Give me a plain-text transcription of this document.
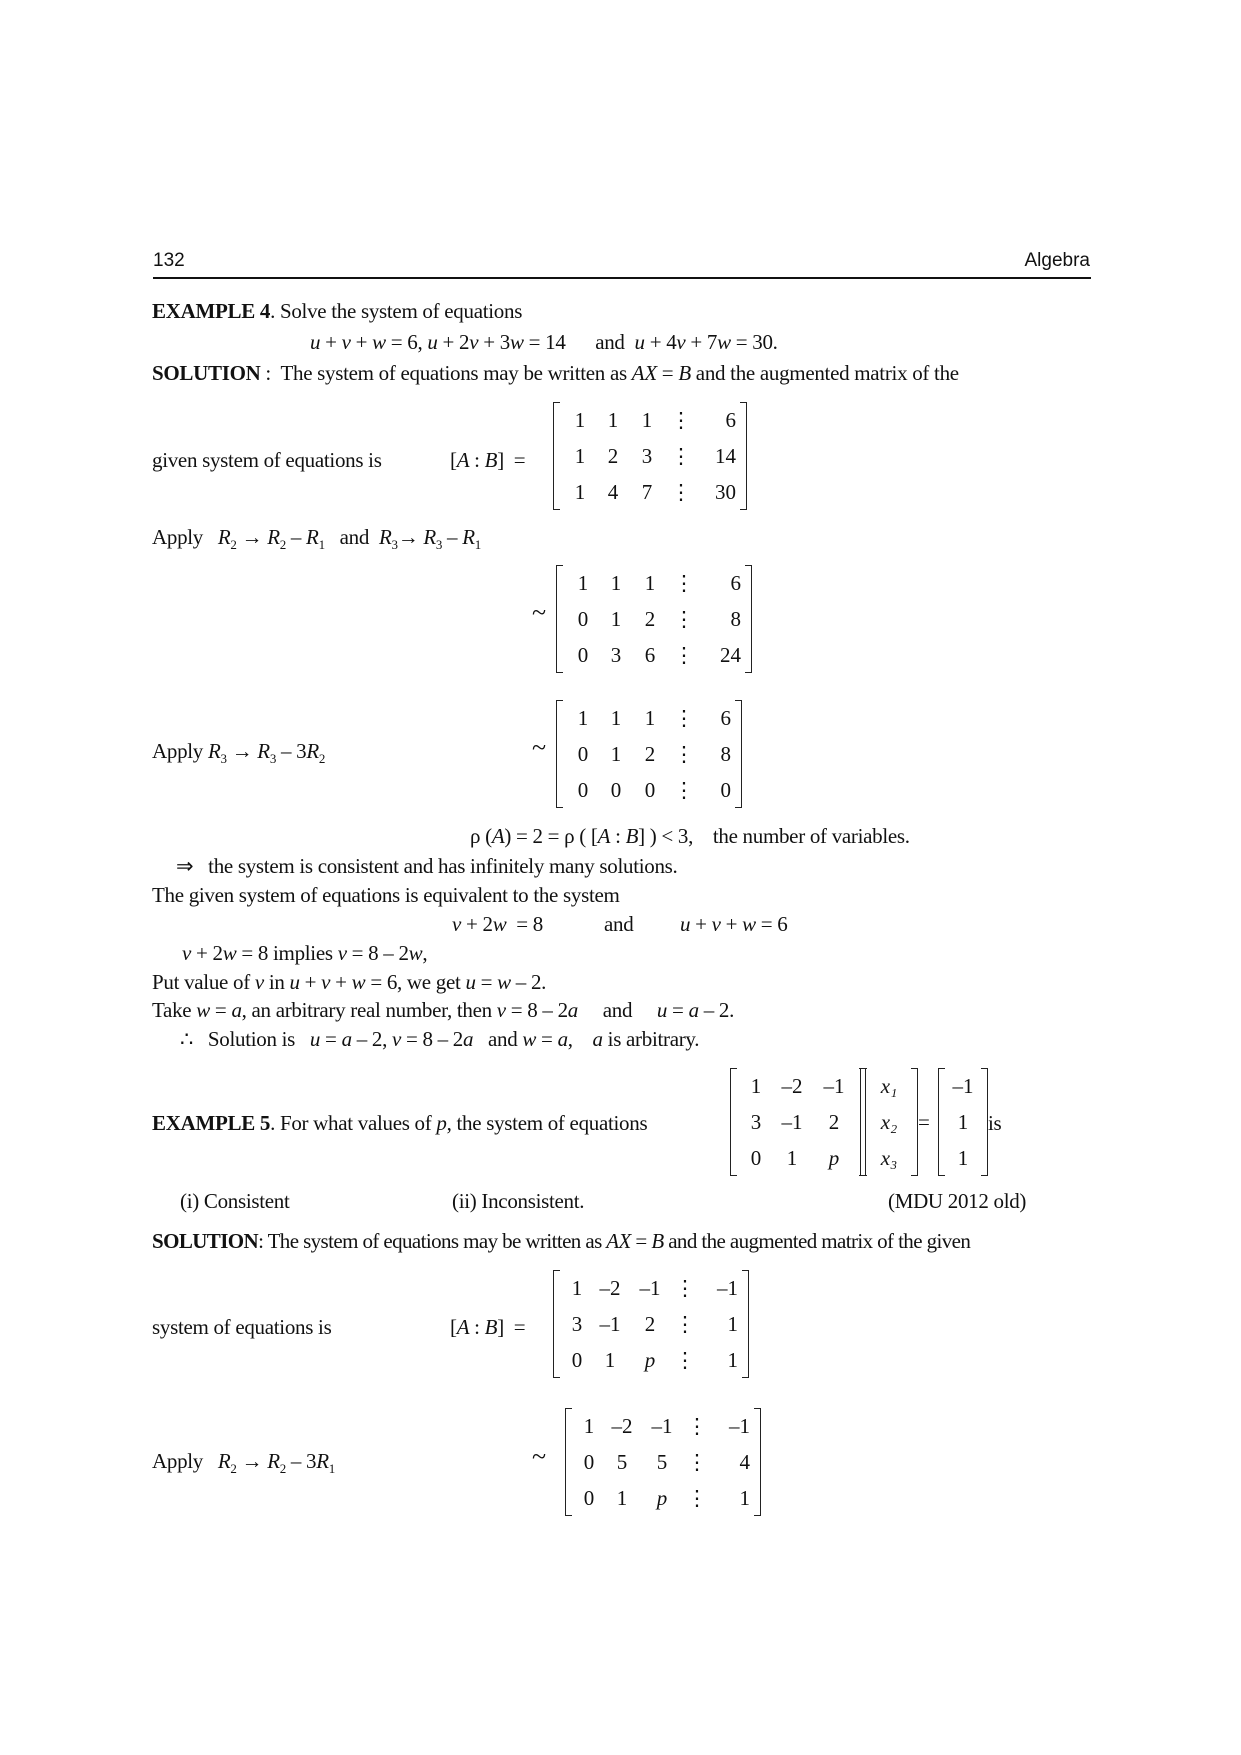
132	Algebra
EXAMPLE 4. Solve the system of equations
u + v + w = 6, u + 2v + 3w = 14      and  u + 4v + 7w = 30.
SOLUTION :  The system of equations may be written as AX = B and the augmented matrix of the
given system of equations is	[A : B]  =
1	1	1 ⋮	6
1	2	3 ⋮	14
1	4	7 ⋮	30
Apply   $R_2 \to R_2 - R_1$   and  $R_3\to R_3 - R_1$
~
1	1	1 ⋮	6
0	1	2 ⋮	8
0	3	6 ⋮	24
Apply $R_3 \to R_3 - 3R_2$	~
1	1	1 ⋮	6
0	1	2 ⋮	8
0	0	0 ⋮	0
ρ (A) = 2 = ρ ( [A : B] ) < 3,    the number of variables.
⇒ the system is consistent and has infinitely many solutions.
The given system of equations is equivalent to the system
v + 2w  = 8	and u + v + w = 6
v + 2w = 8 implies v = 8 – 2w,
Put value of v in u + v + w = 6, we get u = w – 2.
Take w = a, an arbitrary real number, then v = 8 – 2a     and     u = a – 2.
∴   Solution is   u = a – 2, v = 8 – 2a   and w = a,    a is arbitrary.
EXAMPLE 5. For what values of p, the system of equations
1 –2	–1
3 –1	2
0	1	p
x₁
x₂
x₃
=
–1
1
1
is
(i) Consistent	(ii) Inconsistent.	(MDU 2012 old)
SOLUTION: The system of equations may be written as AX = B and the augmented matrix of the given
system of equations is	[A : B]  =
1 –2 –1 ⋮	–1
3 –1	2 ⋮	1
0	1	p ⋮	1
Apply   $R_2 \to R_2 - 3R_1$	~
1 –2 –1 ⋮	–1
0	5	5 ⋮	4
0	1	p ⋮	1
